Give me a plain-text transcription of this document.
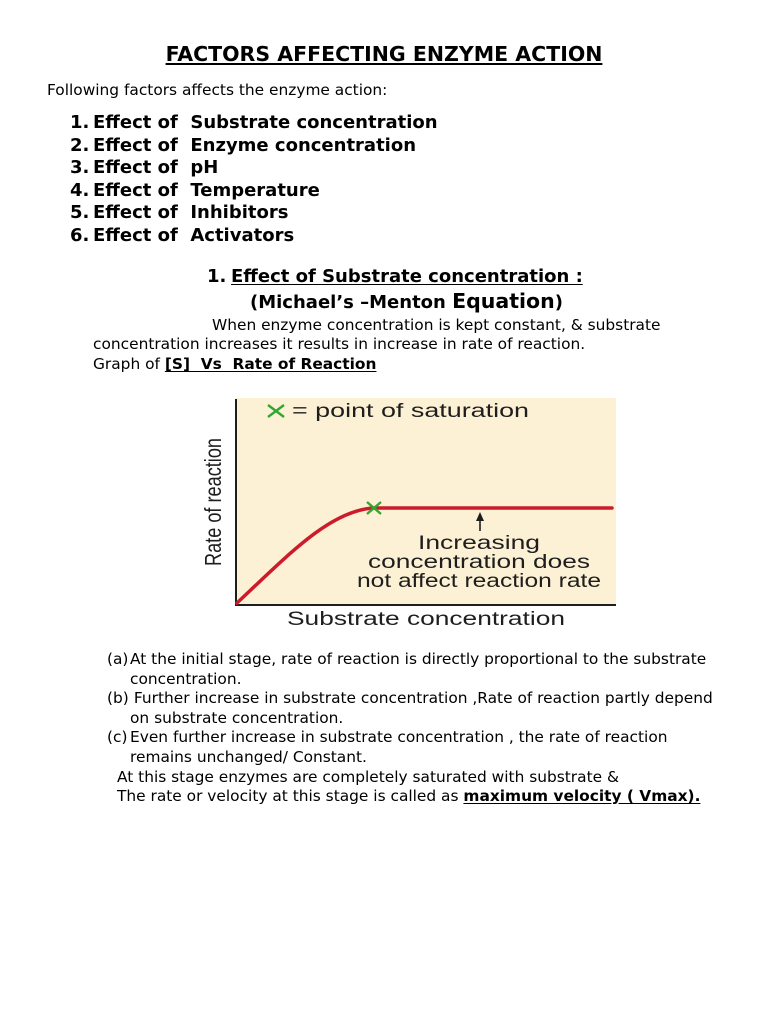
FACTORS AFFECTING ENZYME ACTION

Following factors affects the enzyme action:

1. Effect of  Substrate concentration
2. Effect of  Enzyme concentration
3. Effect of  pH
4. Effect of  Temperature
5. Effect of  Inhibitors
6. Effect of  Activators
1. Effect of Substrate concentration :
(Michael’s –Menton Equation)

When enzyme concentration is kept constant, & substrate

concentration increases it results in increase in rate of reaction.

Graph of [S]  Vs  Rate of Reaction

= point of saturation
Increasing
concentration does
not affect reaction rate
Substrate concentration
Rate of reaction
(a) At the initial stage, rate of reaction is directly proportional to the substrate
concentration.
(b) Further increase in substrate concentration ,Rate of reaction partly depend
on substrate concentration.
(c) Even further increase in substrate concentration , the rate of reaction
remains unchanged/ Constant.

At this stage enzymes are completely saturated with substrate &

The rate or velocity at this stage is called as maximum velocity ( Vmax).
